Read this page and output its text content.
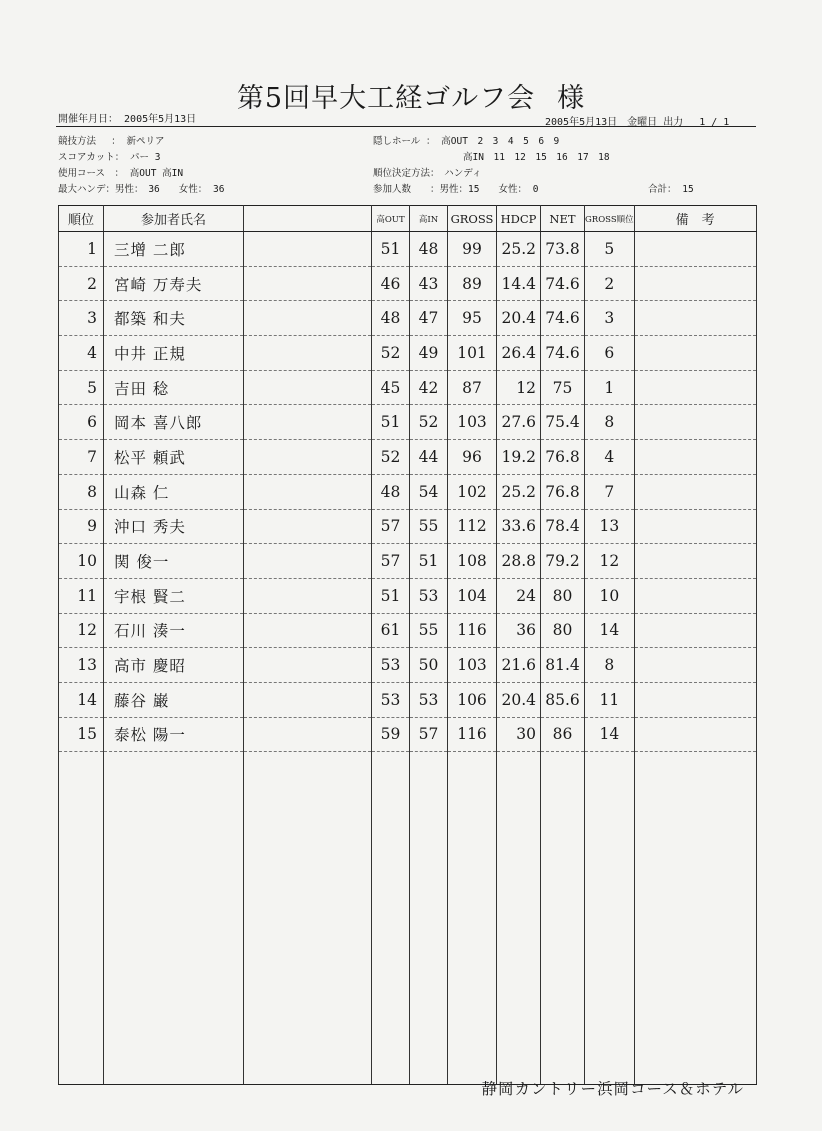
第5回早大工経ゴルフ会 様
開催年月日： 2005年5月13日	2005年5月13日　 金曜日 出力　 1 / 1
競技方法　 ： 新ペリア
スコアカット： パー 3
使用コース　： 高OUT 高IN
最大ハンデ：男性：　 36　　 女性： 36
隠しホール ： 高OUT　 2　3　4　5　6　9
高IN　 11　12　15　16　17　18
順位決定方法：　 ハンディ
参加人数　　：男性：15　　 女性： 0	合計： 15
順位	参加者氏名		高OUT	高IN	GROSS	HDCP	NET	GROSS順位	備　考
1	三增 二郎		51	48	99	25.2	73.8	5	
2	宮崎 万寿夫		46	43	89	14.4	74.6	2	
3	都築 和夫		48	47	95	20.4	74.6	3	
4	中井 正規		52	49	101	26.4	74.6	6	
5	吉田 稔		45	42	87	12	75	1	
6	岡本 喜八郎		51	52	103	27.6	75.4	8	
7	松平 頼武		52	44	96	19.2	76.8	4	
8	山森 仁		48	54	102	25.2	76.8	7	
9	沖口 秀夫		57	55	112	33.6	78.4	13	
10	関 俊一		57	51	108	28.8	79.2	12	
11	宇根 賢二		51	53	104	24	80	10	
12	石川 湊一		61	55	116	36	80	14	
13	高市 慶昭		53	50	103	21.6	81.4	8	
14	藤谷 巌		53	53	106	20.4	85.6	11	
15	泰松 陽一		59	57	116	30	86	14	

静岡カントリー浜岡コース＆ホテル
